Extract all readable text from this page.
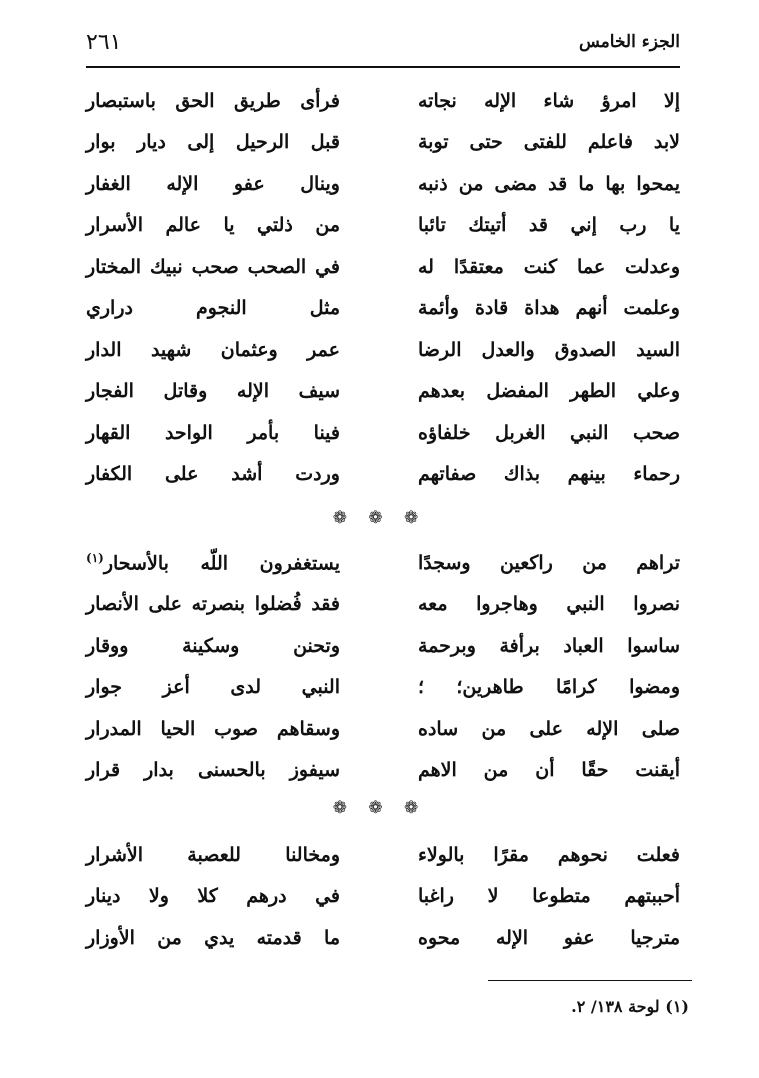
الجزء الخامس
٢٦١
إلا امرؤ شاء الإله نجاته
فرأى طريق الحق باستبصار
لابد فاعلم للفتى حتى توبة
قبل الرحيل إلى ديار بوار
يمحوا بها ما قد مضى من ذنبه
وينال عفو الإله الغفار
يا رب إني قد أتيتك تائبا
من ذلتي يا عالم الأسرار
وعدلت عما كنت معتقدًا له
في الصحب صحب نبيك المختار
وعلمت أنهم هداة قادة وأئمة
مثل النجوم دراري
السيد الصدوق والعدل الرضا
عمر وعثمان شهيد الدار
وعلي الطهر المفضل بعدهم
سيف الإله وقاتل الفجار
صحب النبي الغربل خلفاؤه
فينا بأمر الواحد القهار
رحماء بينهم بذاك صفاتهم
وردت أشد على الكفار
❁ ❁ ❁
تراهم من راكعين وسجدًا
يستغفرون اللّه بالأسحار$^{(١)}$
نصروا النبي وهاجروا معه
فقد فُضلوا بنصرته على الأنصار
ساسوا العباد برأفة وبرحمة
وتحنن وسكينة ووقار
ومضوا كرامًا طاهرين؛ ؛
النبي لدى أعز جوار
صلى الإله على من ساده
وسقاهم صوب الحيا المدرار
أيقنت حقًا أن من الاهم
سيفوز بالحسنى بدار قرار
❁ ❁ ❁
فعلت نحوهم مقرًا بالولاء
ومخالنا للعصبة الأشرار
أحببتهم متطوعا لا راغبا
في درهم كلا ولا دينار
مترجيا عفو الإله محوه
ما قدمته يدي من الأوزار
(١) لوحة ١٣٨/ ٢.
